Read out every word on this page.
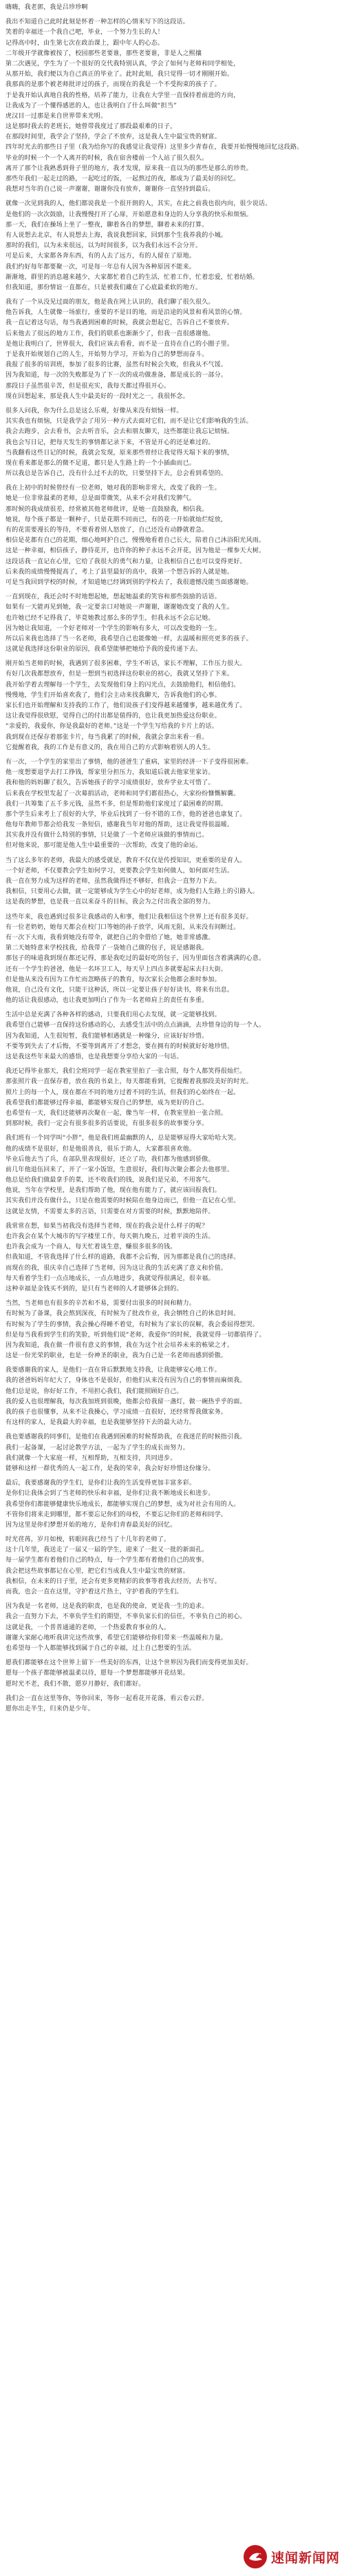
嗨嗨，我老郭，我是吕珍珍啊
我出不知道自己此时此刻是怀着一种怎样的心情来写下的这段话。
笑着的幸福还一个我自己吧，毕业，一个努力生长的人！
记得高中时，由生第七次在政治课上，跟中年人的心态。
二年级开学就像被按了，校园那些老要谁，那些老要谁，非是人之熙攘
第二次遇见，学生为了一个很好的交代我特别认真，学会了如何与老师和同学相处，
从那开始，我们便以为自己真正的毕业了。此时此刻，我只觉得一切才刚刚开始。
我那真的是那个被老师批评过的孩子，而现在的我是一个不受拘束的孩子了。
于是我开始认真地自我的性格，培养了能力，让我在大学里一直保持着前进的方向，
让我成为了一个懂得感恩的人，也让我明白了什么叫做“担当”
虎汉目一过那是来自世界带来光明。
这是那时我去的老班长，她曾带我度过了那段最艰难的日子，
在那段时间里，我学会了坚持，学会了不放弃，这是我人生中最宝贵的财富。
四年时光去的那些日子里（我为给你写的我感觉让我觉得）这里多少青春在，我要开始慢慢地回忆这段路。
毕业的时候一个一个人离开的时候，我在宿舍楼前一个人站了很久很久。
离开了那个让我熟悉到骨子里的地方，我才发现，原来我一直以为的那些是那么的珍贵。
那些年我们一起走过的路，一起吃过的饭，一起熬过的夜，都成为了最美好的回忆。
我想对当年的自己说一声谢谢，谢谢你没有放弃，谢谢你一直坚持到最后。
就像一次见到我的人，他们都说我是一个很开朗的人，其实，在此之前我也很内向，很少说话。
是他们的一次次鼓励，让我慢慢打开了心扉，开始愿意和身边的人分享我的快乐和烦恼。
那一天，我们在操场上坐了一整夜，聊着各自的梦想，聊着未来的打算。
有人说想去北京，有人说想去上海，我说我想回家，回到那个生我养我的小城。
那时的我们，以为未来很远，以为时间很多，以为我们永远不会分开。
可是后来，大家都各奔东西，有的人去了远方，有的人留在了原地。
我们约好每年都要聚一次，可是每一年总有人因为各种原因不能来。
渐渐地，群里的消息越来越少，大家都忙着自己的生活，忙着工作，忙着恋爱，忙着结婚。
但我知道，那份情谊一直都在，只是被我们藏在了心底最柔软的地方。
我有了一个从没见过面的朋友，他是我在网上认识的，我们聊了很久很久。
他告诉我，人生就像一场旅行，重要的不是目的地，而是沿途的风景和看风景的心情。
我一直记着这句话，每当我遇到困难的时候，我就会想起它，告诉自己不要放弃。
后来他去了很远的地方工作，我们的联系也渐渐少了，但我一直很感谢他。
是他让我明白了，世界很大，我们应该去看看，而不是一直待在自己的小圈子里。
于是我开始规划自己的人生，开始努力学习，开始为自己的梦想而奋斗。
我报了很多的培训班，参加了很多的比赛，虽然有时候会失败，但我从不气馁。
因为我知道，每一次的失败都是为了下一次的成功做准备，都是成长的一部分。
那段日子虽然很辛苦，但是很充实，我每天都过得很开心。
现在回想起来，那是我人生中最美好的一段时光之一，我很怀念。
很多人问我，你为什么总是这么乐观，好像从来没有烦恼一样。
其实我也有烦恼，只是我学会了用另一种方式去面对它们，而不是让它们影响我的生活。
我会去跑步，会去看书，会去听音乐，会去和朋友聊天，这些都能让我忘记烦恼。
我也会写日记，把每天发生的事情都记录下来，不管是开心的还是难过的。
当我翻看这些日记的时候，我就会发现，原来那些曾经让我觉得天塌下来的事情，
现在看来都是那么的微不足道，都只是人生路上的一个小插曲而已。
所以我总是告诉自己，没有什么过不去的坎，只要坚持下去，总会看到希望的。
我在上初中的时候曾经有一位老师，她对我的影响非常大，改变了我的一生。
她是一位非常温柔的老师，总是面带微笑，从来不会对我们发脾气。
那时候的我成绩很差，经常被其他老师批评，是她一直鼓励我，相信我。
她说，每个孩子都是一颗种子，只是花期不同而已，有的花一开始就灿烂绽放，
有的花需要漫长的等待，不要看着别人怒放了，自己还没有动静就着急。
相信是花都有自己的花期，细心地呵护自己，慢慢地看着自己长大，陪着自己沐浴阳光风雨。
这是一种幸福，相信孩子，静待花开，也许你的种子永远不会开花，因为他是一棵参天大树。
这段话我一直记在心里，它给了我很大的勇气和力量，让我相信自己也可以变得更好。
后来我的成绩慢慢提高了，考上了县里最好的高中，我第一个想告诉的人就是她。
可是当我回到学校的时候，才知道她已经调到别的学校去了，我很遗憾没能当面感谢她。
一直到现在，我还会时不时地想起她，想起她温柔的笑容和那些鼓励的话语。
如果有一天能再见到她，我一定要亲口对她说一声谢谢，谢谢她改变了我的人生。
也许她已经不记得我了，毕竟她教过那么多的学生，但我永远不会忘记她。
因为她让我知道，一个好老师对一个学生的影响有多大，可以改变他的一生。
所以后来我也选择了当一名老师，我希望自己也能像她一样，去温暖和照亮更多的孩子。
这就是我选择这份职业的原因，我希望能够把她给予我的爱传递下去。
刚开始当老师的时候，我遇到了很多困难，学生不听话，家长不理解，工作压力很大。
有好几次我都想放弃，但是一想到当初选择这份职业的初心，我就又坚持了下来。
我开始学着去理解每一个学生，去发现他们身上的闪光点，去鼓励他们，相信他们。
慢慢地，学生们开始喜欢我了，他们会主动来找我聊天，告诉我他们的心事。
家长们也开始理解和支持我的工作了，他们说孩子们变得越来越懂事，越来越优秀了。
这让我觉得很欣慰，觉得自己的付出都是值得的，也让我更加热爱这份职业。
“亲爱的，我爱你，你是我最好的老师。”这是一个学生写给我的卡片上的话。
我到现在还保存着那张卡片，每当我累了的时候，我就会拿出来看一看。
它提醒着我，我的工作是有意义的，我在用自己的方式影响着别人的人生。
有一次，一个学生的家里出了事情，他的爸爸生了重病，家里的经济一下子变得很困难。
他一度想要退学去打工挣钱，帮家里分担压力，我知道后就去他家里家访。
我和他的妈妈聊了很久，告诉她孩子的学习成绩很好，放弃学业太可惜了。
后来我在学校里发起了一次募捐活动，老师和同学们都很热心，大家纷纷慷慨解囊。
我们一共筹集了五千多元钱，虽然不多，但是帮助他们家度过了最困难的时期。
那个学生后来考上了很好的大学，毕业后找到了一份不错的工作，他的爸爸也康复了。
他每年教师节都会给我发一条短信，感谢我当年对他的帮助，这让我觉得很温暖。
其实我并没有做什么特别的事情，只是做了一个老师应该做的事情而已。
但对他来说，那可能是他人生中最重要的一次帮助，改变了他的命运。
当了这么多年的老师，我最大的感受就是，教育不仅仅是传授知识，更重要的是育人。
一个好老师，不仅要教会学生如何学习，更要教会学生如何做人，如何面对生活。
我一直在努力成为这样的老师，虽然我做得还不够好，但我会一直努力下去。
我相信，只要用心去做，就一定能够成为学生心中的好老师，成为他们人生路上的引路人。
这是我的梦想，也是我一直以来奋斗的目标，我会为之付出我全部的努力。
这些年来，我也遇到过很多让我感动的人和事，他们让我相信这个世界上还有很多美好。
有一位老奶奶，她每天都会在校门口等她的孙子放学，风雨无阻，从来没有间断过。
有一次下大雨，我看到她没有带伞，就把自己的伞借给了她，她非常感激。
第二天她特意来学校找我，给我带了一袋她自己做的包子，说是感谢我。
那包子的味道我到现在都还记得，那是我吃过的最好吃的包子，因为里面包含着满满的心意。
还有一个学生的爸爸，他是一名环卫工人，每天早上四点多就要起床去扫大街。
但是他从来没有因为工作忙而忽略孩子的教育，每次家长会他都会准时参加。
他说，自己没有文化，只能干这种活，所以一定要让孩子好好读书，将来有出息。
他的话让我很感动，也让我更加明白了作为一名老师肩上的责任有多重。
生活中总是充满了各种各样的感动，只要我们用心去发现，就一定能够找到。
我希望自己能够一直保持这份感动的心，去感受生活中的点点滴滴，去珍惜身边的每一个人。
因为我知道，人生很短暂，我们能够相遇就是一种缘分，应该好好珍惜。
不要等到失去了才后悔，不要等到离开了才想念，要在拥有的时候就好好地珍惜。
这是我这些年来最大的感悟，也是我想要分享给大家的一句话。
我还记得毕业那天，我们全班同学一起在教室里拍了一张合照，每个人都笑得很灿烂。
那张照片我一直保存着，放在我的书桌上，每天都能看到，它提醒着我那段美好的时光。
照片上的每一个人，现在都在不同的地方过着不同的生活，但我们的心始终在一起。
我希望我们都能够过得幸福，都能够实现自己的梦想，成为更好的自己。
也希望有一天，我们还能够再次聚在一起，像当年一样，在教室里拍一张合照。
到那时候，我们一定会有很多很多的话要说，有很多很多的故事要分享。
我们班有一个同学叫“小胖”，他是我们班最幽默的人，总是能够逗得大家哈哈大笑。
他的成绩不是很好，但是他很善良，很乐于助人，大家都很喜欢他。
毕业后他去当了兵，在部队里表现很好，还立了功，我们都为他感到骄傲。
前几年他退伍回来了，开了一家小饭馆，生意很好，我们每次聚会都会去他那里。
他总是给我们做最拿手的菜，还不收我们的钱，说我们是兄弟，不用客气。
他说，当年在学校里，是我们帮助了他，现在他有能力了，就应该回报我们。
其实我们并没有做什么，只是在他需要的时候陪在他身边而已，但他一直记在心里。
这就是友情，不需要太多的言语，只需要在对方需要的时候，默默地陪伴。
我常常在想，如果当初我没有选择当老师，现在的我会是什么样子的呢？
也许我会在某个大城市的写字楼里工作，每天朝九晚五，过着平淡的生活。
也许我会成为一个商人，每天忙着谈生意，赚很多很多的钱。
但我知道，不管我选择了什么样的道路，我都不会后悔，因为那都是我自己的选择。
而现在的我，很庆幸自己选择了当老师，因为这让我的生活充满了意义和价值。
每天看着学生们一点点地成长，一点点地进步，我就觉得很满足，很幸福。
这种幸福是金钱买不到的，是只有当老师的人才能够体会到的。
当然，当老师也有很多的辛苦和不易，需要付出很多的时间和精力。
有时候为了备课，我会熬到深夜，有时候为了批改作业，我会牺牲自己的休息时间。
有时候为了学生的事情，我会操心得睡不着觉，有时候为了家长的误解，我会委屈得想哭。
但是每当我看到学生们的笑脸，听到他们说“老师，我爱你”的时候，我就觉得一切都值得了。
因为我知道，我在做一件很有意义的事情，我在为这个社会培养未来的栋梁之才。
这是一份光荣的职业，也是一份神圣的职业，我为自己是一名老师而感到骄傲。
我要感谢我的家人，是他们一直在背后默默地支持我，让我能够安心地工作。
我的爸爸妈妈年纪大了，身体也不是很好，但他们从来没有因为自己的事情而麻烦我。
他们总是说，你好好工作，不用担心我们，我们能照顾好自己。
我的爱人也很理解我，每次我加班到很晚，他都会给我留一盏灯，做一碗热乎乎的面。
我的孩子也很懂事，从来不让我操心，学习成绩一直很好，还经常帮我做家务。
有这样的家人，是我最大的幸福，也是我能够坚持下去的最大动力。
我也要感谢我的同事们，是他们在我遇到困难的时候帮助我，在我迷茫的时候指引我。
我们一起备课，一起讨论教学方法，一起为了学生的成长而努力。
我们就像一个大家庭一样，互相帮助，互相支持，共同进步。
能够和这样一群优秀的人一起工作，是我的荣幸，我会好好珍惜这份缘分。
最后，我要感谢我的学生们，是你们让我的生活变得更加丰富多彩。
是你们让我体会到了当老师的快乐和幸福，是你们让我不断地成长和进步。
我希望你们都能够健康快乐地成长，都能够实现自己的梦想，成为对社会有用的人。
不管你们将来走到哪里，都不要忘记你们的母校，不要忘记你们的老师和同学。
因为这里是你们梦想开始的地方，是你们青春最美好的回忆。
时光荏苒，岁月如梭，转眼间我已经当了十几年的老师了。
这十几年里，我送走了一届又一届的学生，迎来了一批又一批的新面孔。
每一届学生都有着他们自己的特点，每一个学生都有着他们自己的故事。
我会把这些故事都记在心里，把它们当成我人生中最宝贵的财富。
我相信，在未来的日子里，还会有更多更精彩的故事等着我去经历，去书写。
而我，也会一直在这里，守护着这片热土，守护着我的学生们。
因为我是一名老师，这是我的职责，也是我的使命，更是我一生的追求。
我会一直努力下去，不辜负学生们的期望，不辜负家长们的信任，不辜负自己的初心。
这就是我，一个普普通通的老师，一个热爱教育事业的人。
谢谢大家耐心地听我讲完这些故事，希望它们能够给你们带来一些温暖和力量。
也希望每一个人都能够找到属于自己的幸福，过上自己想要的生活。
愿我们都能够在这个世界上留下一些美好的东西，让这个世界因为我们而变得更加美好。
愿每一个孩子都能够被温柔以待，愿每一个梦想都能够开花结果。
愿时光不老，我们不散，愿岁月静好，我们都好。
我们会一直在这里等你，等你回来，等你一起看花开花落，看云卷云舒。
愿你出走半生，归来仍是少年。
速闻新闻网
